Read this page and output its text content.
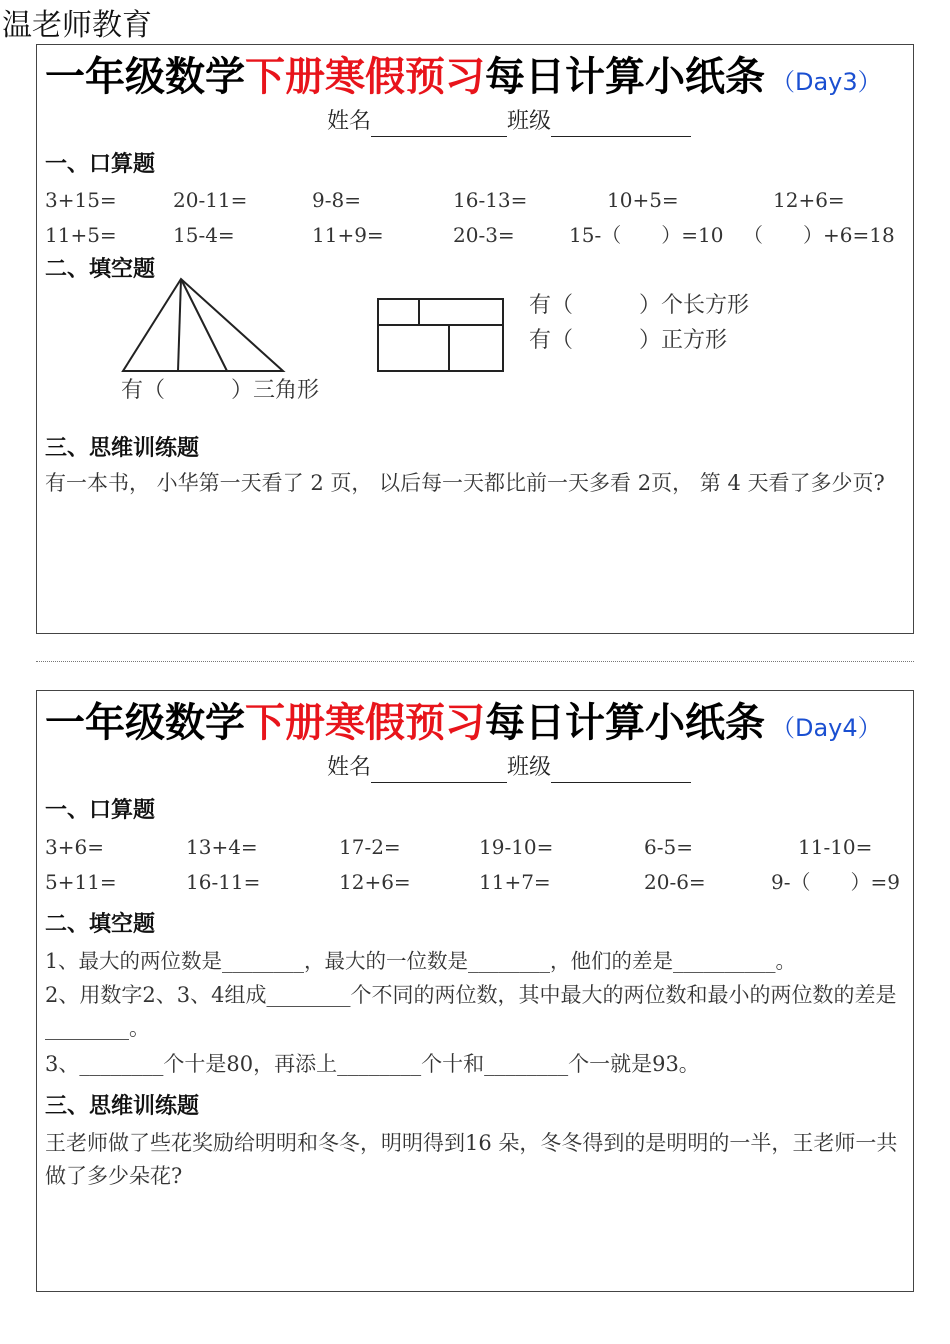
温老师教育
一年级数学下册寒假预习每日计算小纸条 （Day3）
姓名	班级
一、口算题
3+15=	20-11=	9-8=	16-13=	10+5=	12+6=
11+5=	15-4=	11+9=	20-3=	15-（　　）=10 （　　）+6=18
二、填空题
有（　　　）三角形
有（　　　）个长方形
有（　　　）正方形
三、思维训练题
有一本书， 小华第一天看了 2 页， 以后每一天都比前一天多看 2页， 第 4 天看了多少页?
一年级数学下册寒假预习每日计算小纸条 （Day4）
姓名	班级
一、口算题
3+6=	13+4=	17-2=	19-10=	6-5=	11-10=
5+11=	16-11=	12+6=	11+7=	20-6=	9-（　　）=9
二、填空题
1、最大的两位数是________，最大的一位数是________，他们的差是__________。
2、用数字2、3、4组成________个不同的两位数，其中最大的两位数和最小的两位数的差是________。
3、________个十是80，再添上________个十和________个一就是93。
三、思维训练题
王老师做了些花奖励给明明和冬冬，明明得到16 朵，冬冬得到的是明明的一半，王老师一共做了多少朵花?
